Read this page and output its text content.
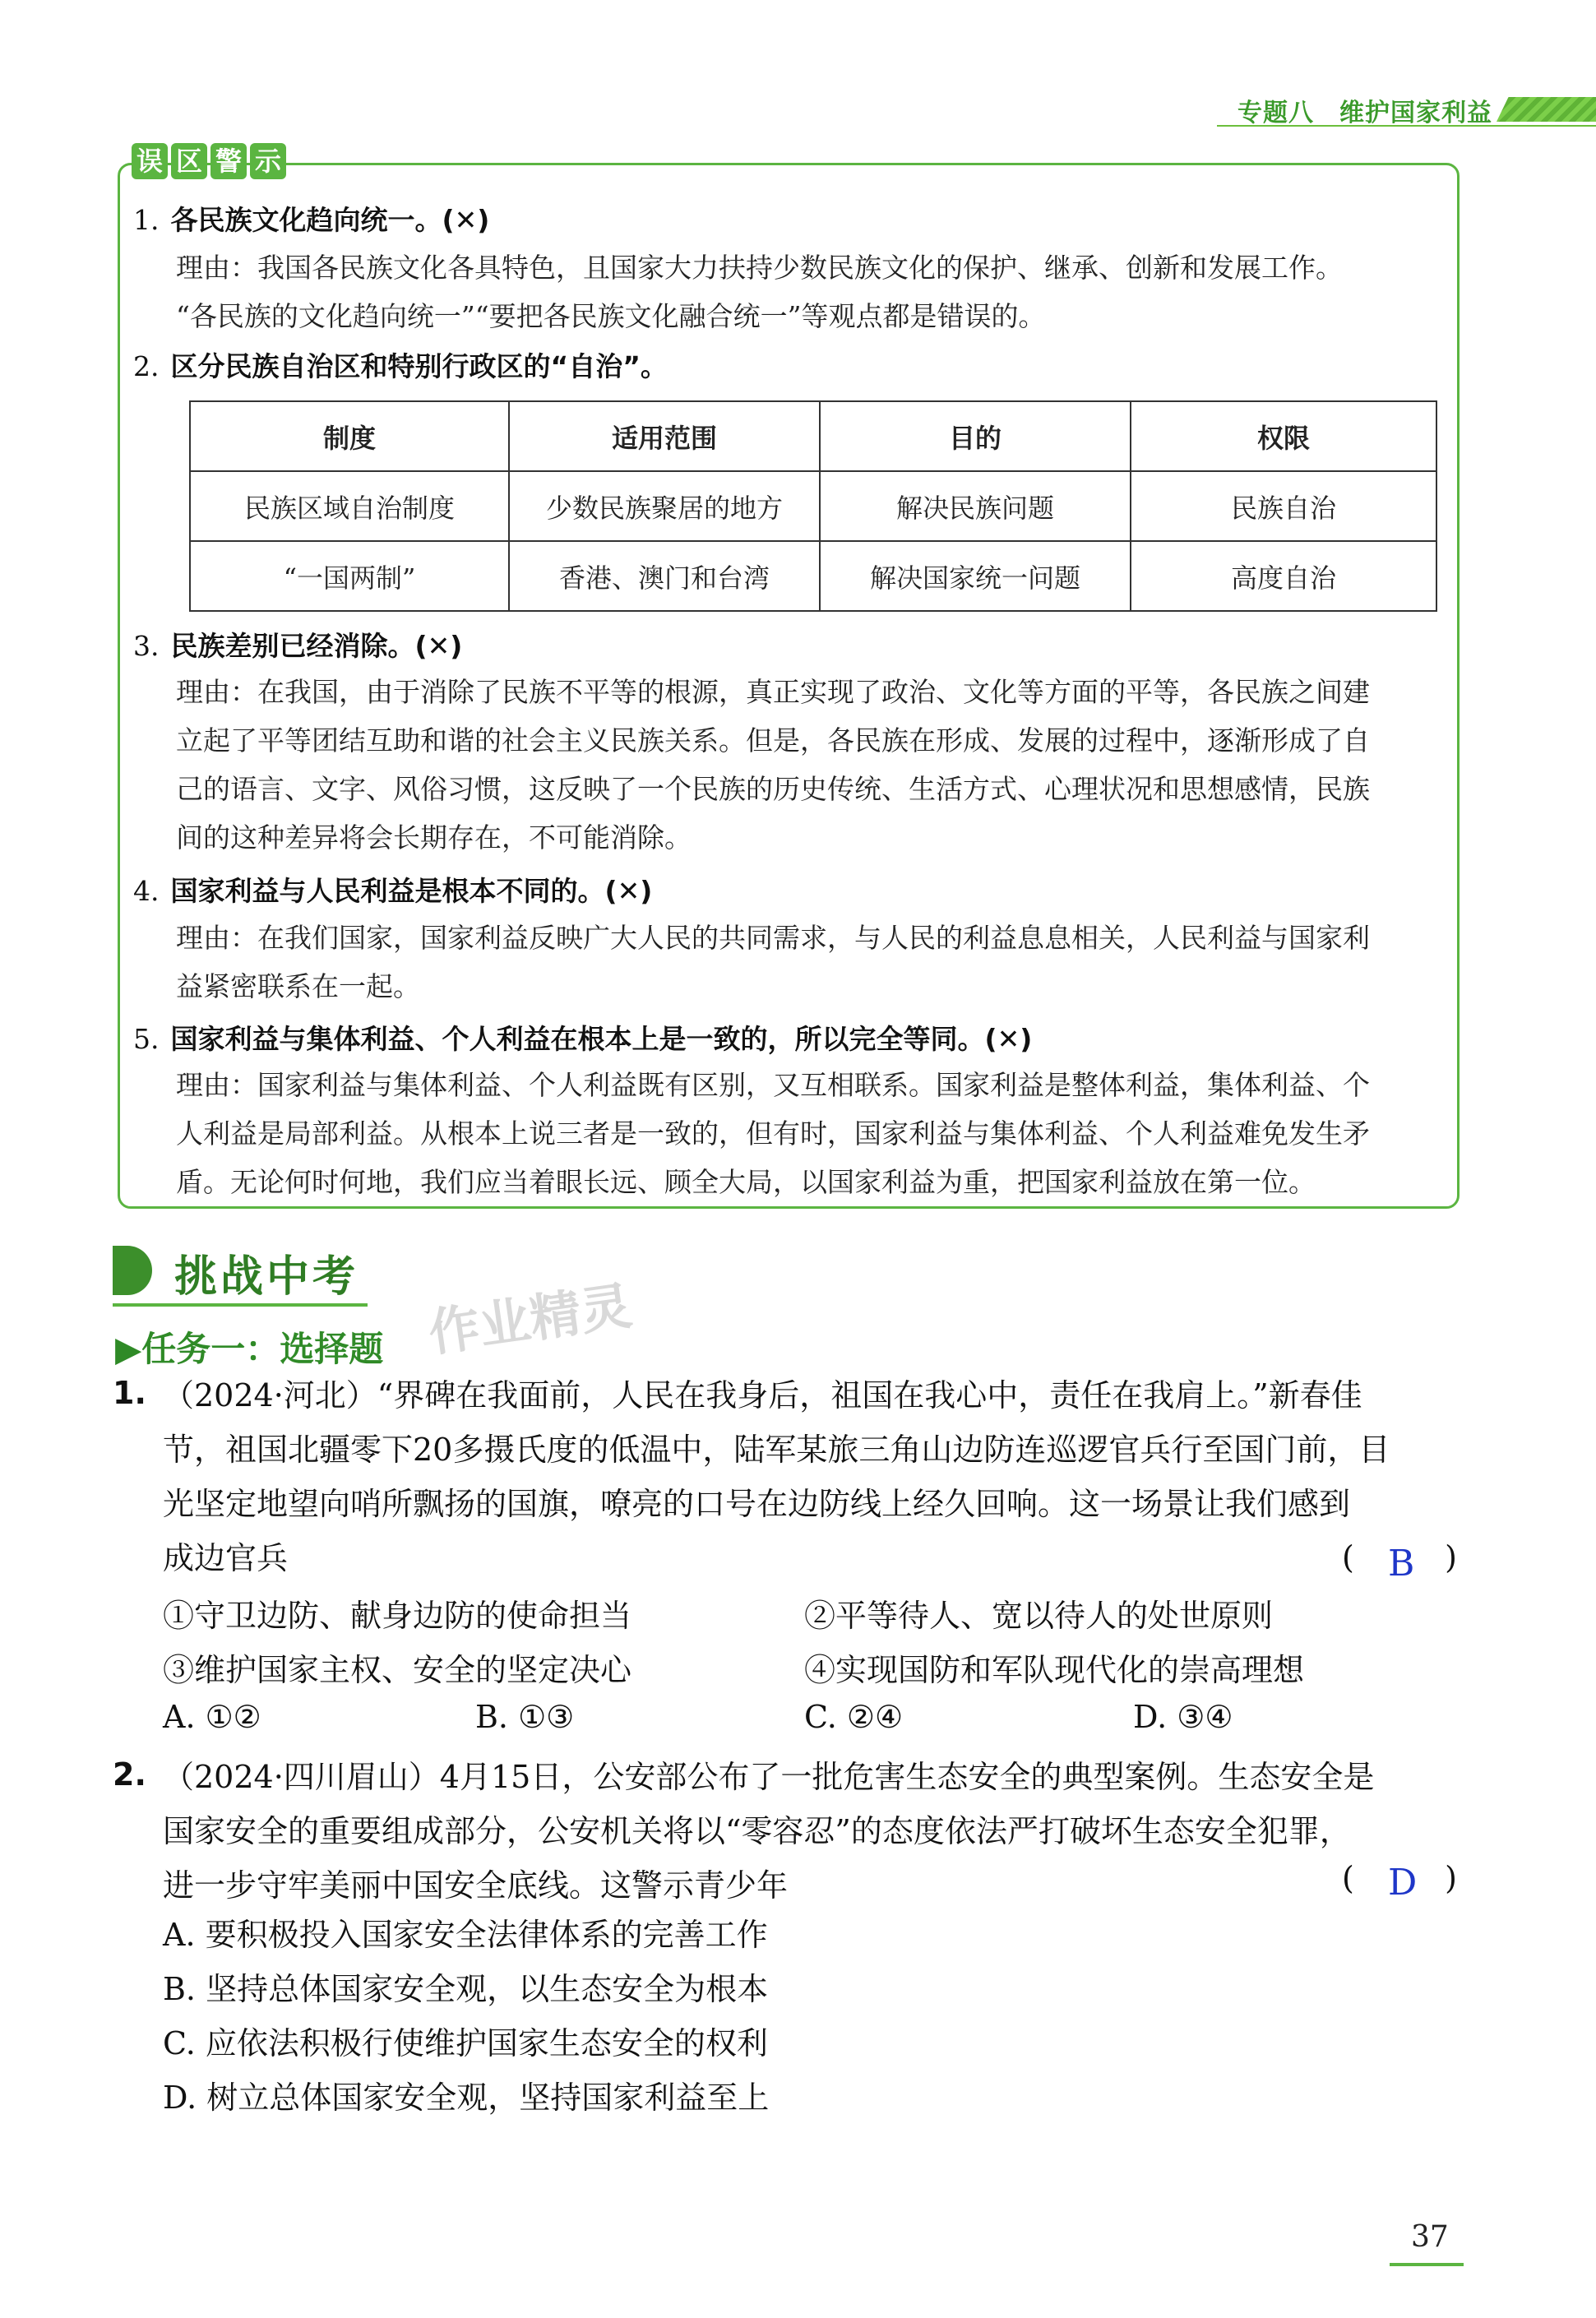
专题八　维护国家利益
误 区 警 示
1. 各民族文化趋向统一。(✕)
理由：我国各民族文化各具特色，且国家大力扶持少数民族文化的保护、继承、创新和发展工作。
“各民族的文化趋向统一”“要把各民族文化融合统一”等观点都是错误的。
2. 区分民族自治区和特别行政区的“自治”。
制度	适用范围	目的	权限
民族区域自治制度	少数民族聚居的地方	解决民族问题	民族自治
“一国两制”	香港、澳门和台湾	解决国家统一问题	高度自治
3. 民族差别已经消除。(✕)
理由：在我国，由于消除了民族不平等的根源，真正实现了政治、文化等方面的平等，各民族之间建
立起了平等团结互助和谐的社会主义民族关系。但是，各民族在形成、发展的过程中，逐渐形成了自
己的语言、文字、风俗习惯，这反映了一个民族的历史传统、生活方式、心理状况和思想感情，民族
间的这种差异将会长期存在，不可能消除。
4. 国家利益与人民利益是根本不同的。(✕)
理由：在我们国家，国家利益反映广大人民的共同需求，与人民的利益息息相关，人民利益与国家利
益紧密联系在一起。
5. 国家利益与集体利益、个人利益在根本上是一致的，所以完全等同。(✕)
理由：国家利益与集体利益、个人利益既有区别，又互相联系。国家利益是整体利益，集体利益、个
人利益是局部利益。从根本上说三者是一致的，但有时，国家利益与集体利益、个人利益难免发生矛
盾。无论何时何地，我们应当着眼长远、顾全大局，以国家利益为重，把国家利益放在第一位。
挑战中考 作业精灵
▶任务一：选择题
1. （2024·河北）“界碑在我面前，人民在我身后，祖国在我心中，责任在我肩上。”新春佳
节，祖国北疆零下20多摄氏度的低温中，陆军某旅三角山边防连巡逻官兵行至国门前，目
光坚定地望向哨所飘扬的国旗，嘹亮的口号在边防线上经久回响。这一场景让我们感到
成边官兵	(	)
B
①守卫边防、献身边防的使命担当	②平等待人、宽以待人的处世原则
③维护国家主权、安全的坚定决心	④实现国防和军队现代化的崇高理想
A. ①②	B. ①③	C. ②④	D. ③④
2. （2024·四川眉山）4月15日，公安部公布了一批危害生态安全的典型案例。生态安全是
国家安全的重要组成部分，公安机关将以“零容忍”的态度依法严打破坏生态安全犯罪，
进一步守牢美丽中国安全底线。这警示青少年	(	)
D
A. 要积极投入国家安全法律体系的完善工作
B. 坚持总体国家安全观，以生态安全为根本
C. 应依法积极行使维护国家生态安全的权利
D. 树立总体国家安全观，坚持国家利益至上
37
